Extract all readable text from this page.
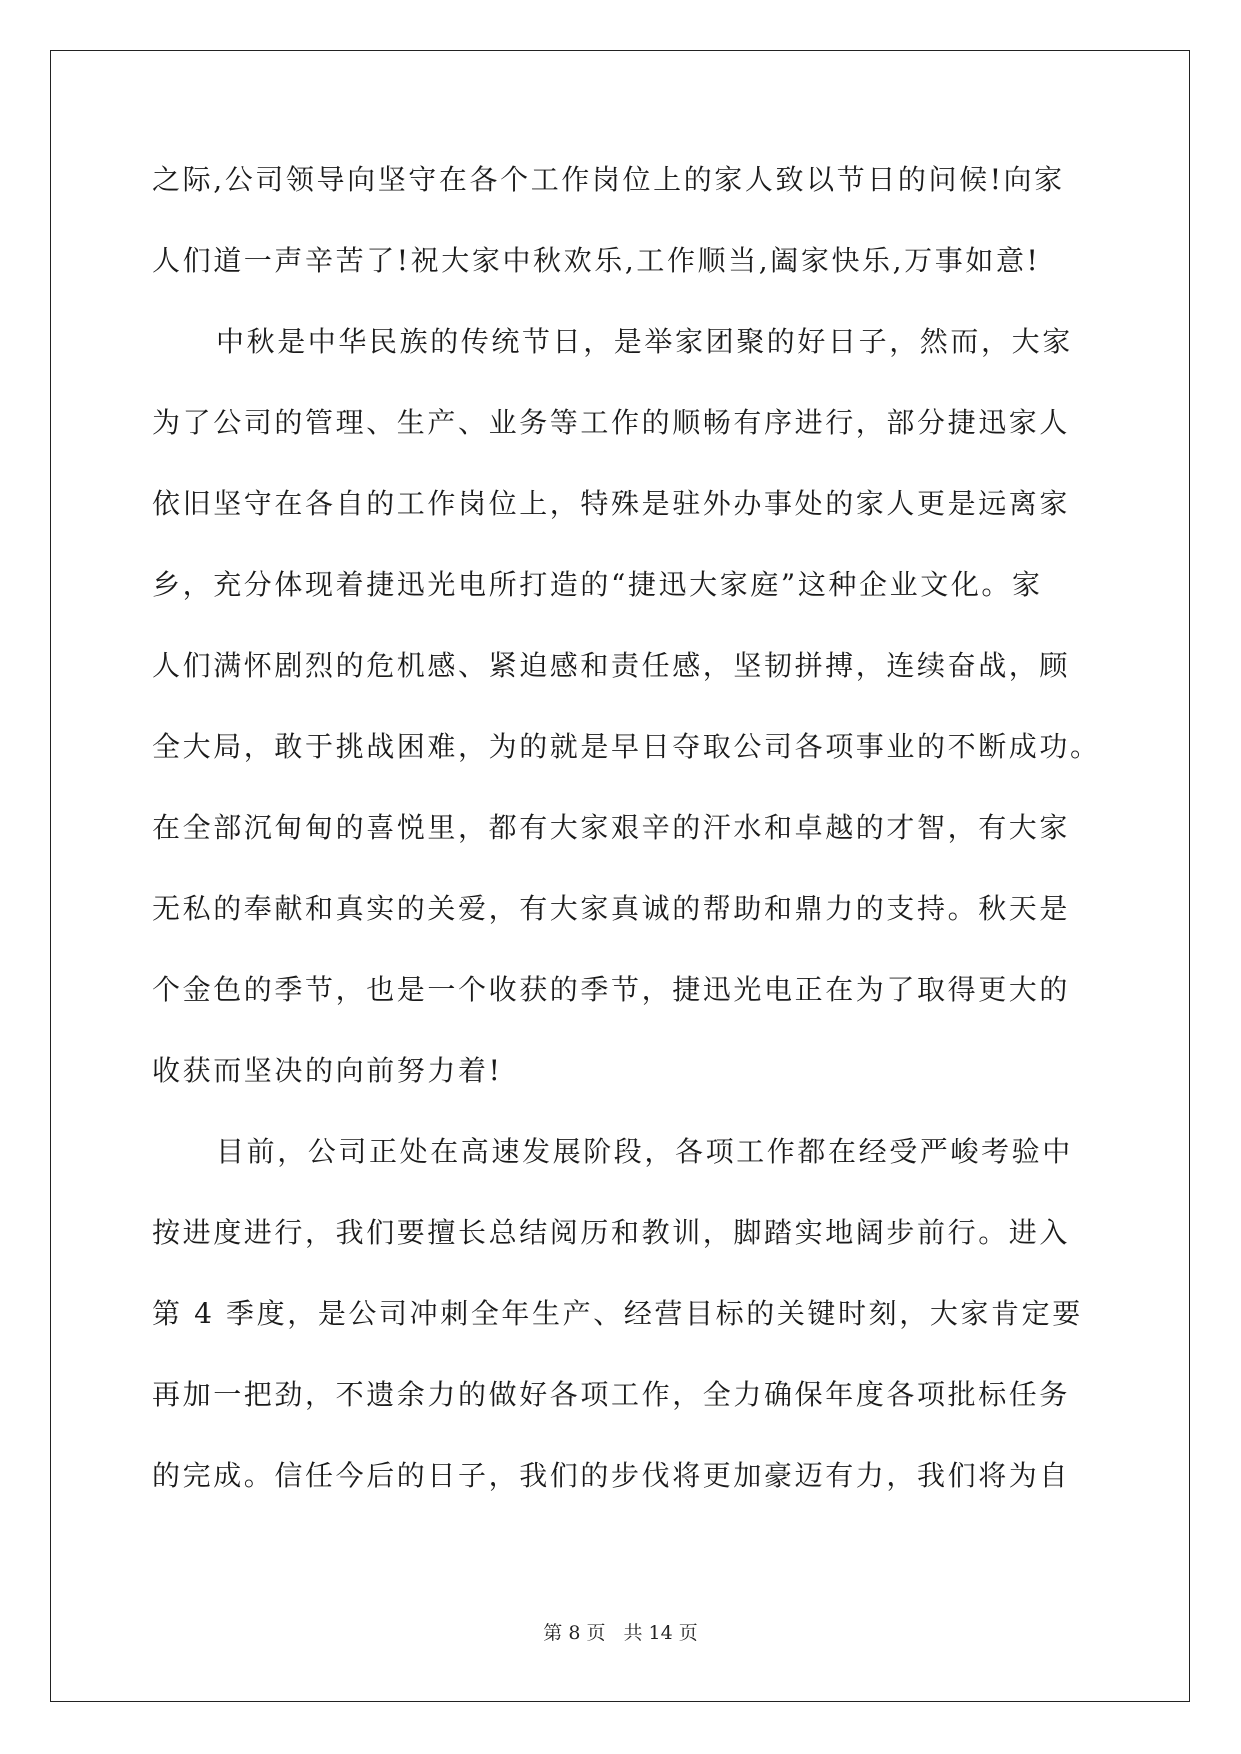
之际,公司领导向坚守在各个工作岗位上的家人致以节日的问候!向家
人们道一声辛苦了!祝大家中秋欢乐,工作顺当,阖家快乐,万事如意!
中秋是中华民族的传统节日，是举家团聚的好日子，然而，大家
为了公司的管理、生产、业务等工作的顺畅有序进行，部分捷迅家人
依旧坚守在各自的工作岗位上，特殊是驻外办事处的家人更是远离家
乡，充分体现着捷迅光电所打造的“捷迅大家庭”这种企业文化。家
人们满怀剧烈的危机感、紧迫感和责任感，坚韧拼搏，连续奋战，顾
全大局，敢于挑战困难，为的就是早日夺取公司各项事业的不断成功。
在全部沉甸甸的喜悦里，都有大家艰辛的汗水和卓越的才智，有大家
无私的奉献和真实的关爱，有大家真诚的帮助和鼎力的支持。秋天是
个金色的季节，也是一个收获的季节，捷迅光电正在为了取得更大的
收获而坚决的向前努力着!
目前，公司正处在高速发展阶段，各项工作都在经受严峻考验中
按进度进行，我们要擅长总结阅历和教训，脚踏实地阔步前行。进入
第 4 季度，是公司冲刺全年生产、经营目标的关键时刻，大家肯定要
再加一把劲，不遗余力的做好各项工作，全力确保年度各项批标任务
的完成。信任今后的日子，我们的步伐将更加豪迈有力，我们将为自
第 8 页 共 14 页
